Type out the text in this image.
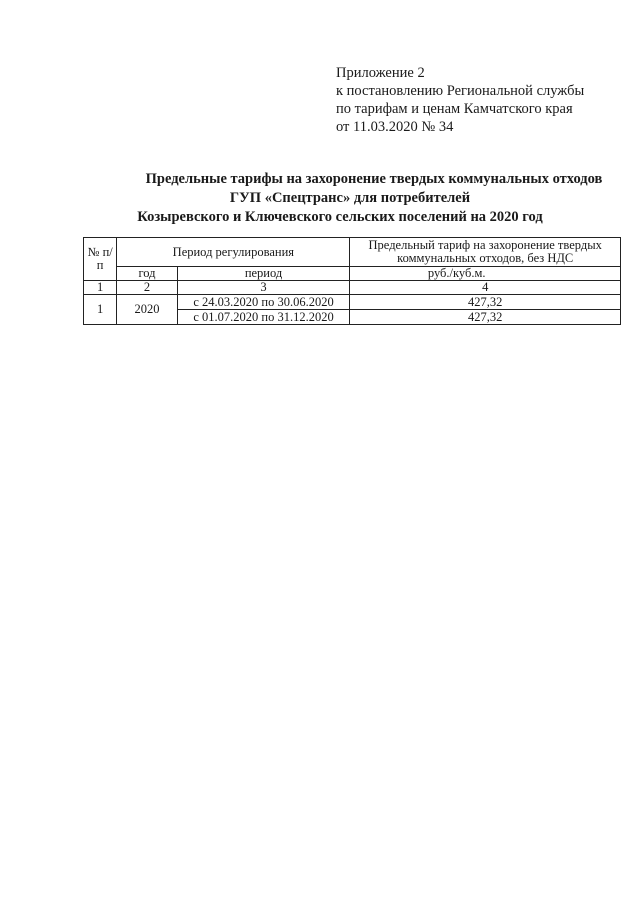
Приложение 2
к постановлению Региональной службы
по тарифам и ценам Камчатского края
от 11.03.2020 № 34
Предельные тарифы на захоронение твердых коммунальных отходов
ГУП «Спецтранс» для потребителей
Козыревского и Ключевского сельских поселений на 2020 год
№ п/п	Период регулирования		Предельный тариф на захоронение твердых коммунальных отходов, без НДС
	год	период	руб./куб.м.
1	2	3	4
1	2020	с 24.03.2020 по 30.06.2020	427,32
		с 01.07.2020 по 31.12.2020	427,32
